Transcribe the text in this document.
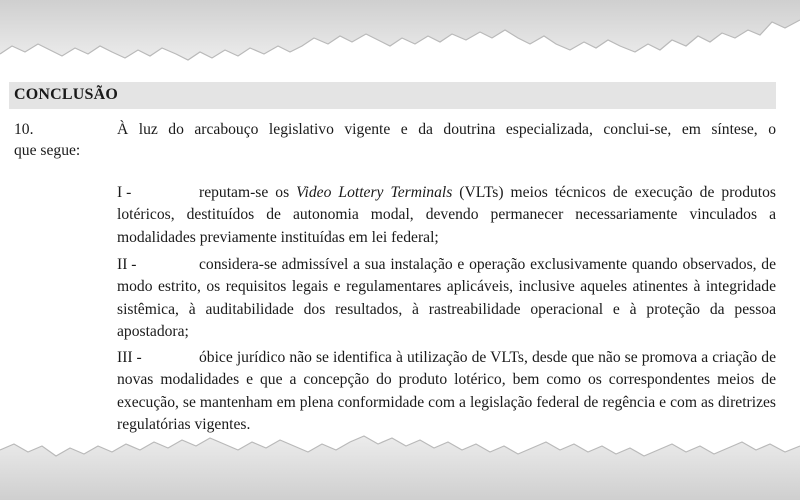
CONCLUSÃO

10.	À luz do arcabouço legislativo vigente e da doutrina especializada, conclui-se, em síntese, o

que segue:

I -	reputam-se os Video Lottery Terminals (VLTs) meios técnicos de execução de produtos lotéricos, destituídos de autonomia modal, devendo permanecer necessariamente vinculados a modalidades previamente instituídas em lei federal;

II -	considera-se admissível a sua instalação e operação exclusivamente quando observados, de modo estrito, os requisitos legais e regulamentares aplicáveis, inclusive aqueles atinentes à integridade sistêmica, à auditabilidade dos resultados, à rastreabilidade operacional e à proteção da pessoa apostadora;

III -	óbice jurídico não se identifica à utilização de VLTs, desde que não se promova a criação de novas modalidades e que a concepção do produto lotérico, bem como os correspondentes meios de execução, se mantenham em plena conformidade com a legislação federal de regência e com as diretrizes regulatórias vigentes.
